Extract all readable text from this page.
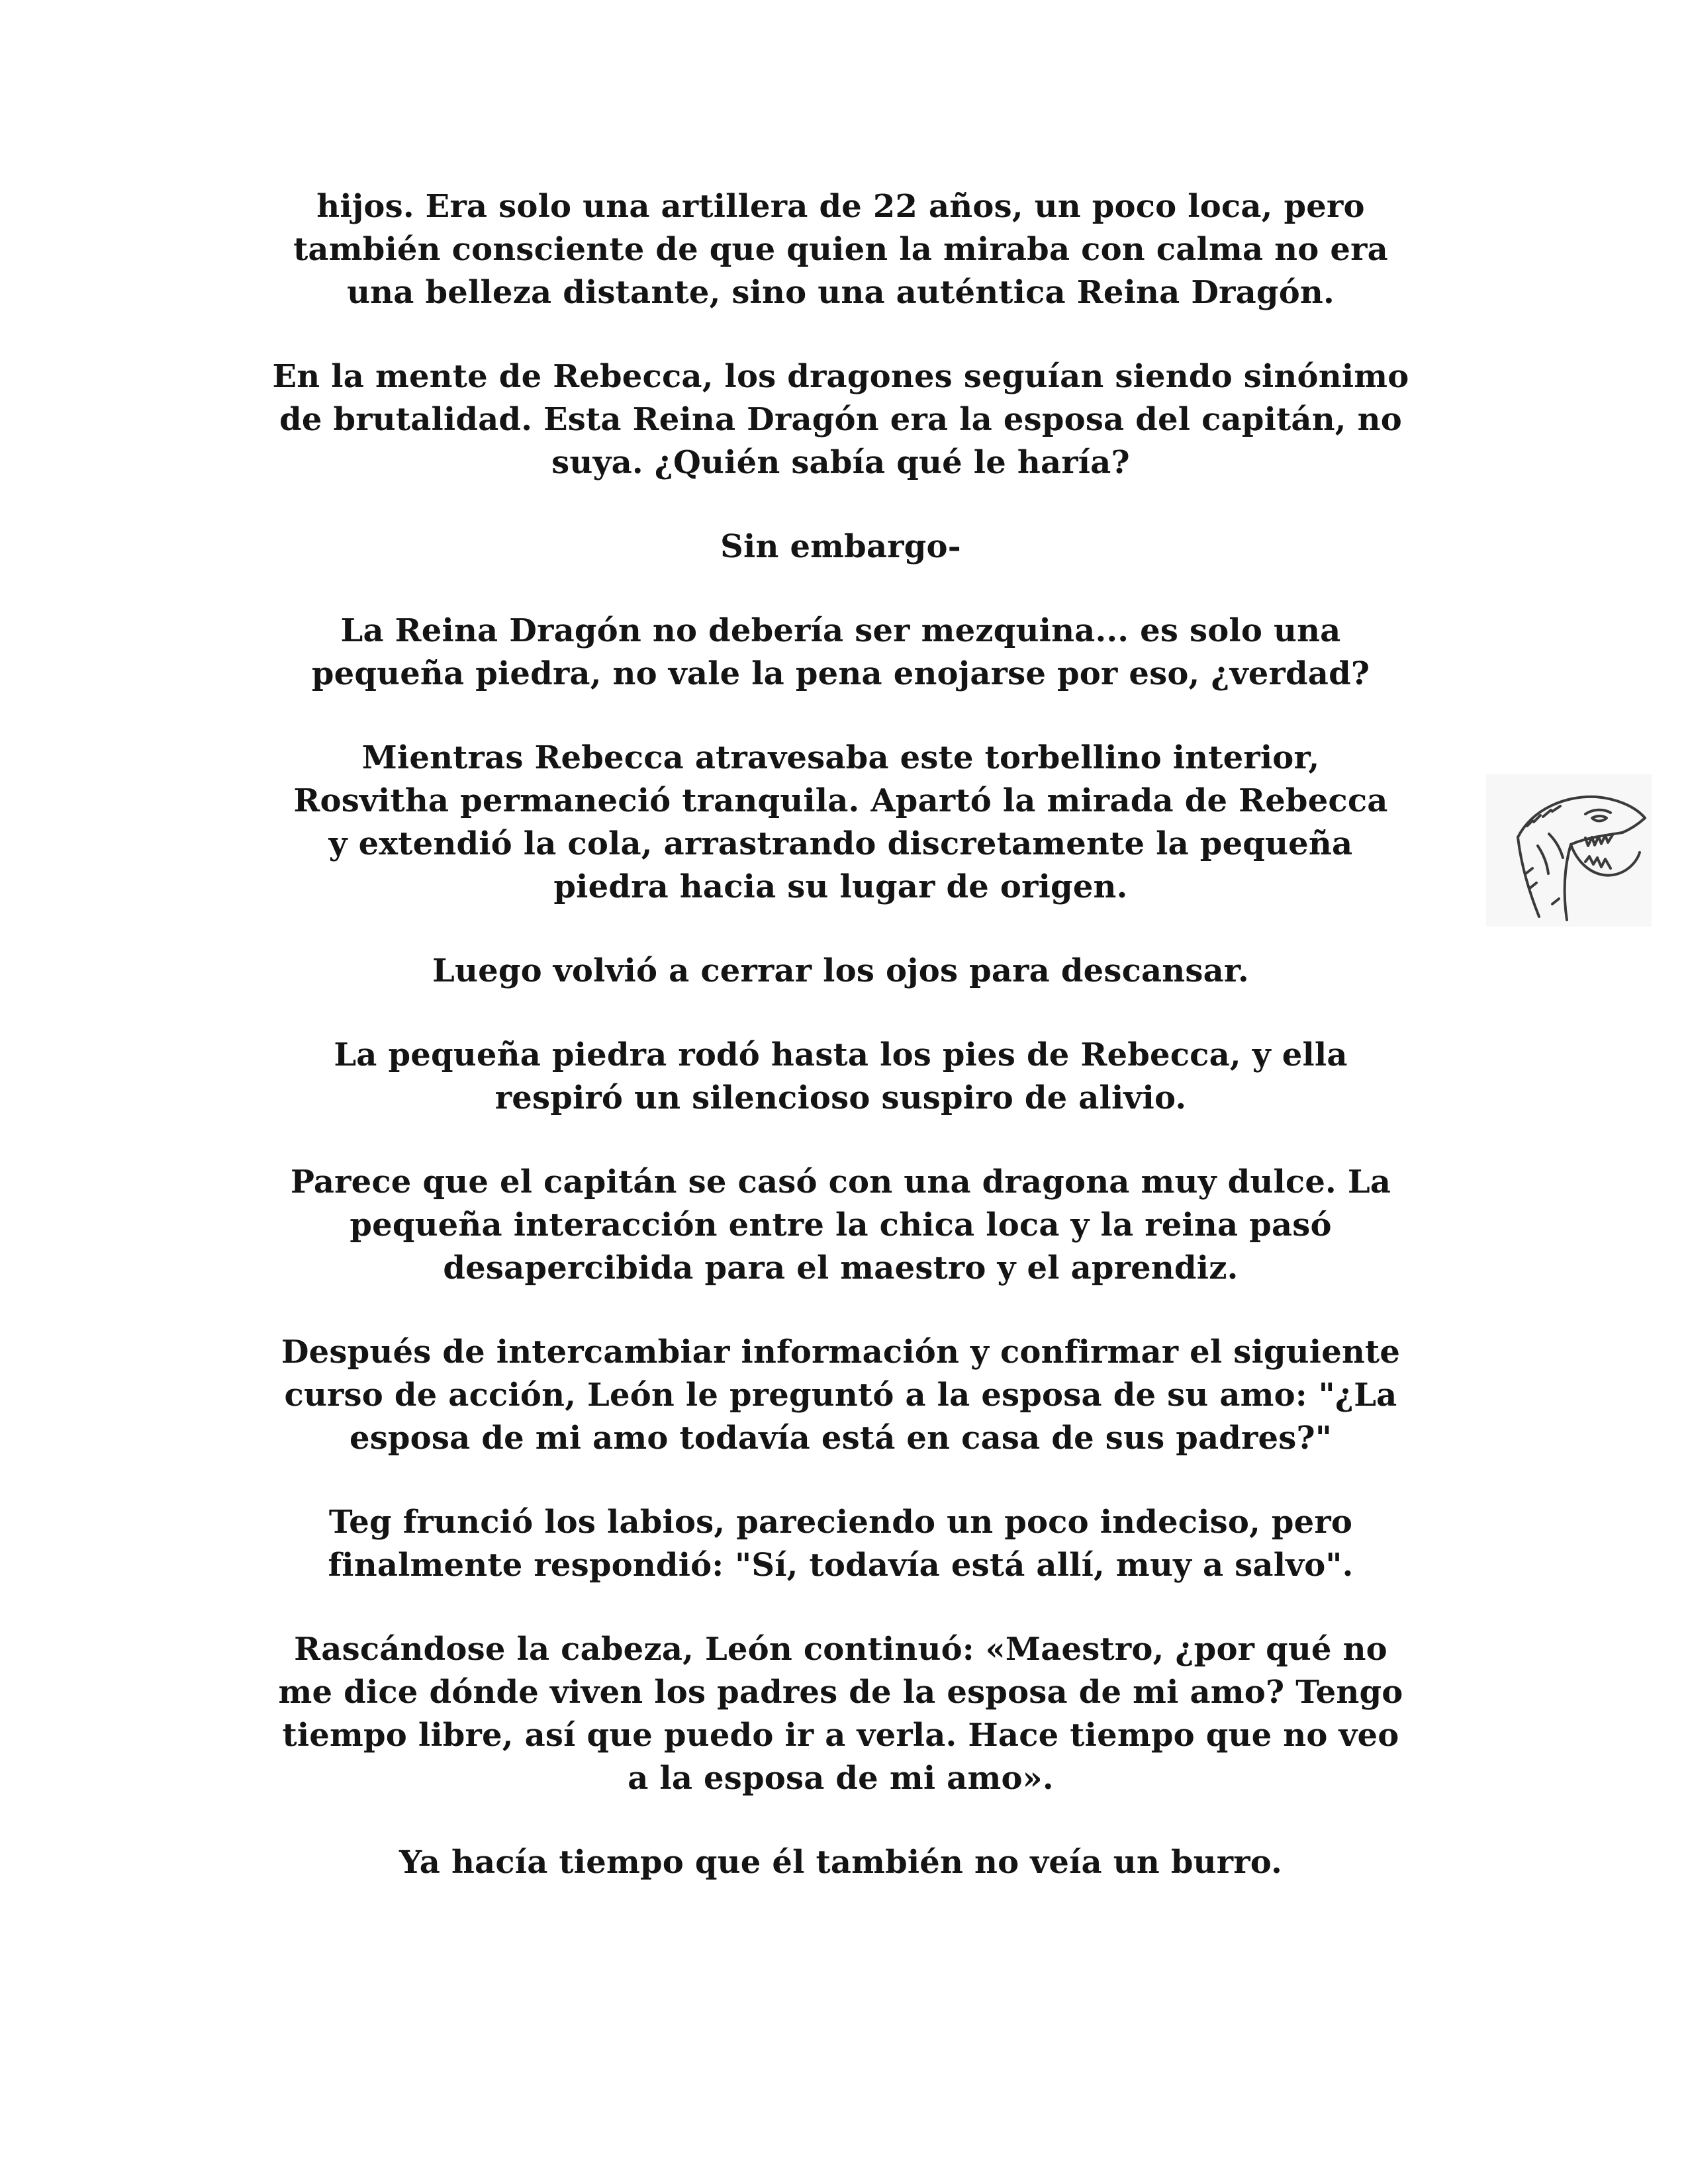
hijos. Era solo una artillera de 22 años, un poco loca, pero
también consciente de que quien la miraba con calma no era
una belleza distante, sino una auténtica Reina Dragón.

En la mente de Rebecca, los dragones seguían siendo sinónimo
de brutalidad. Esta Reina Dragón era la esposa del capitán, no
suya. ¿Quién sabía qué le haría?

Sin embargo-

La Reina Dragón no debería ser mezquina... es solo una
pequeña piedra, no vale la pena enojarse por eso, ¿verdad?

Mientras Rebecca atravesaba este torbellino interior,
Rosvitha permaneció tranquila. Apartó la mirada de Rebecca
y extendió la cola, arrastrando discretamente la pequeña
piedra hacia su lugar de origen.

Luego volvió a cerrar los ojos para descansar.

La pequeña piedra rodó hasta los pies de Rebecca, y ella
respiró un silencioso suspiro de alivio.

Parece que el capitán se casó con una dragona muy dulce. La
pequeña interacción entre la chica loca y la reina pasó
desapercibida para el maestro y el aprendiz.

Después de intercambiar información y confirmar el siguiente
curso de acción, León le preguntó a la esposa de su amo: "¿La
esposa de mi amo todavía está en casa de sus padres?"

Teg frunció los labios, pareciendo un poco indeciso, pero
finalmente respondió: "Sí, todavía está allí, muy a salvo".

Rascándose la cabeza, León continuó: «Maestro, ¿por qué no
me dice dónde viven los padres de la esposa de mi amo? Tengo
tiempo libre, así que puedo ir a verla. Hace tiempo que no veo
a la esposa de mi amo».

Ya hacía tiempo que él también no veía un burro.
